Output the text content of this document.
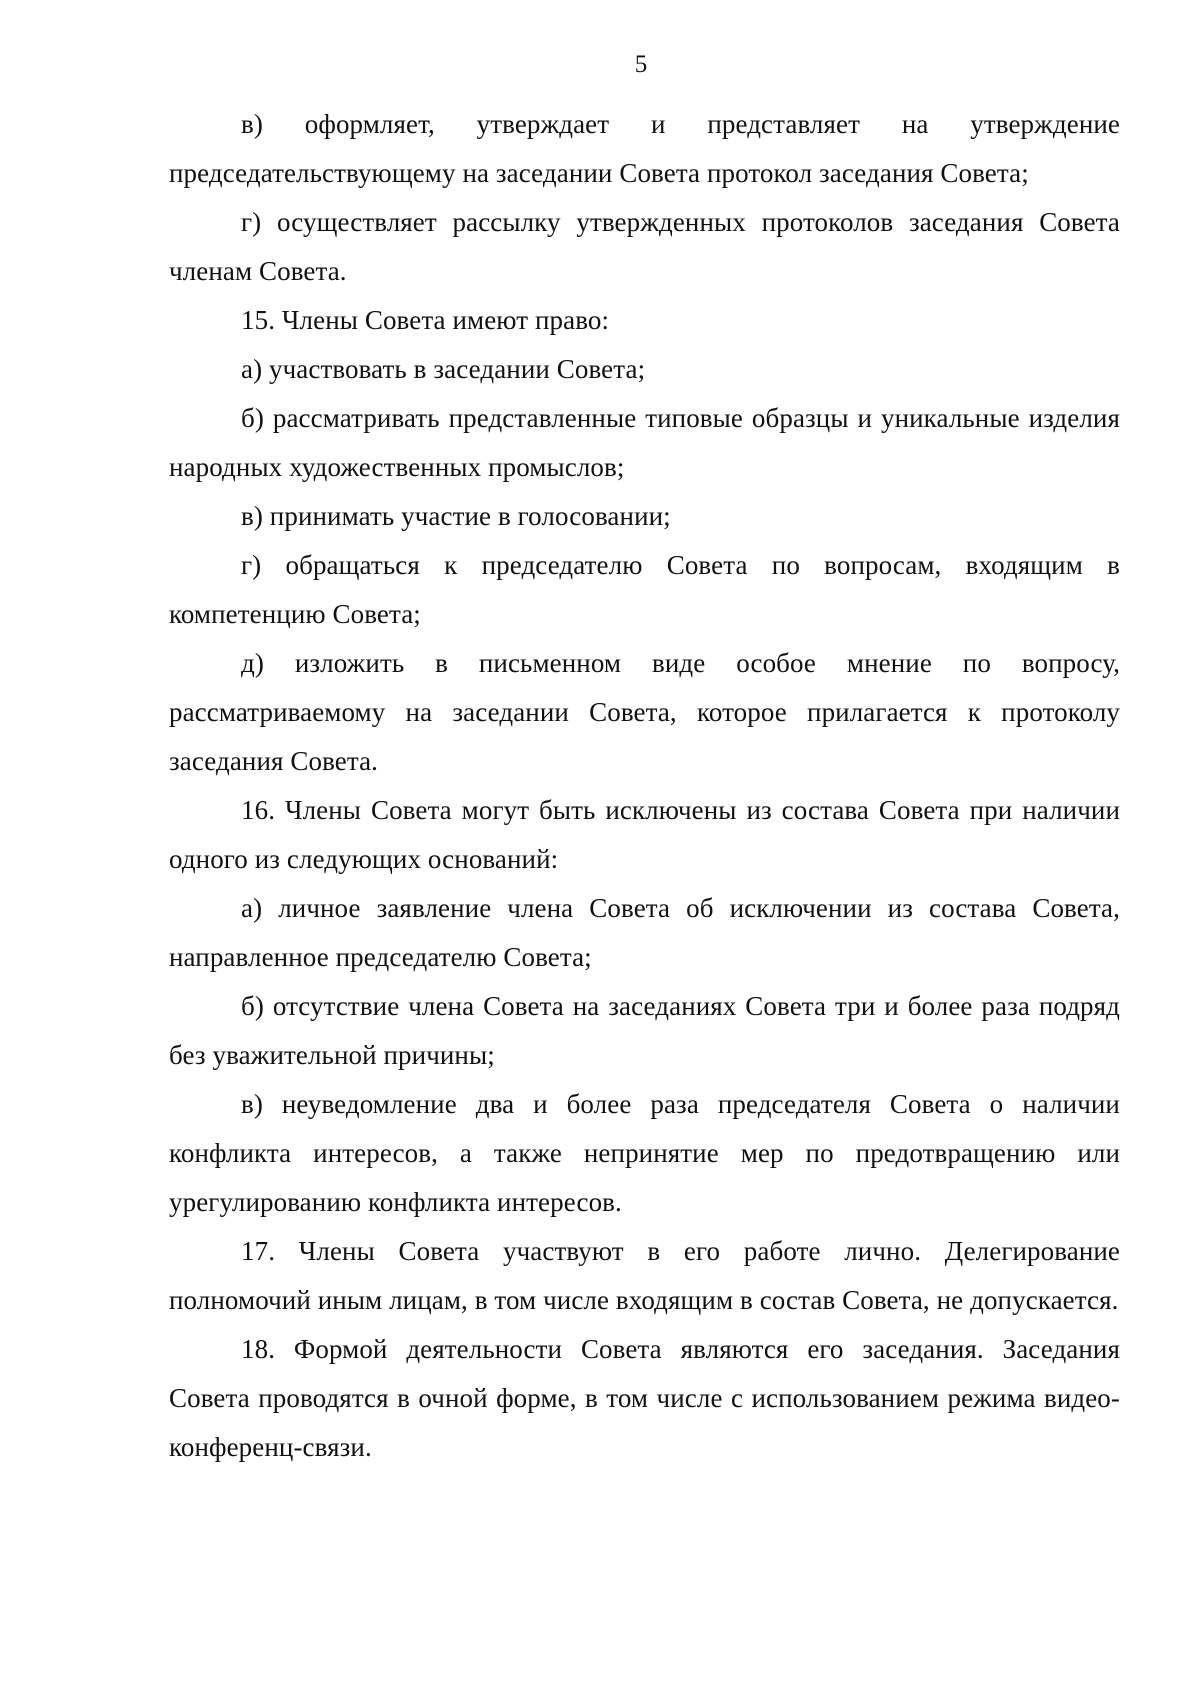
5

в) оформляет, утверждает и представляет на утверждение председательствующему на заседании Совета протокол заседания Совета;

г) осуществляет рассылку утвержденных протоколов заседания Совета членам Совета.

15. Члены Совета имеют право:

а) участвовать в заседании Совета;

б) рассматривать представленные типовые образцы и уникальные изделия народных художественных промыслов;

в) принимать участие в голосовании;

г) обращаться к председателю Совета по вопросам, входящим в компетенцию Совета;

д) изложить в письменном виде особое мнение по вопросу, рассматриваемому на заседании Совета, которое прилагается к протоколу заседания Совета.

16. Члены Совета могут быть исключены из состава Совета при наличии одного из следующих оснований:

а) личное заявление члена Совета об исключении из состава Совета, направленное председателю Совета;

б) отсутствие члена Совета на заседаниях Совета три и более раза подряд без уважительной причины;

в) неуведомление два и более раза председателя Совета о наличии конфликта интересов, а также непринятие мер по предотвращению или урегулированию конфликта интересов.

17. Члены Совета участвуют в его работе лично. Делегирование полномочий иным лицам, в том числе входящим в состав Совета, не допускается.

18. Формой деятельности Совета являются его заседания. Заседания Совета проводятся в очной форме, в том числе с использованием режима видео-конференц-связи.
